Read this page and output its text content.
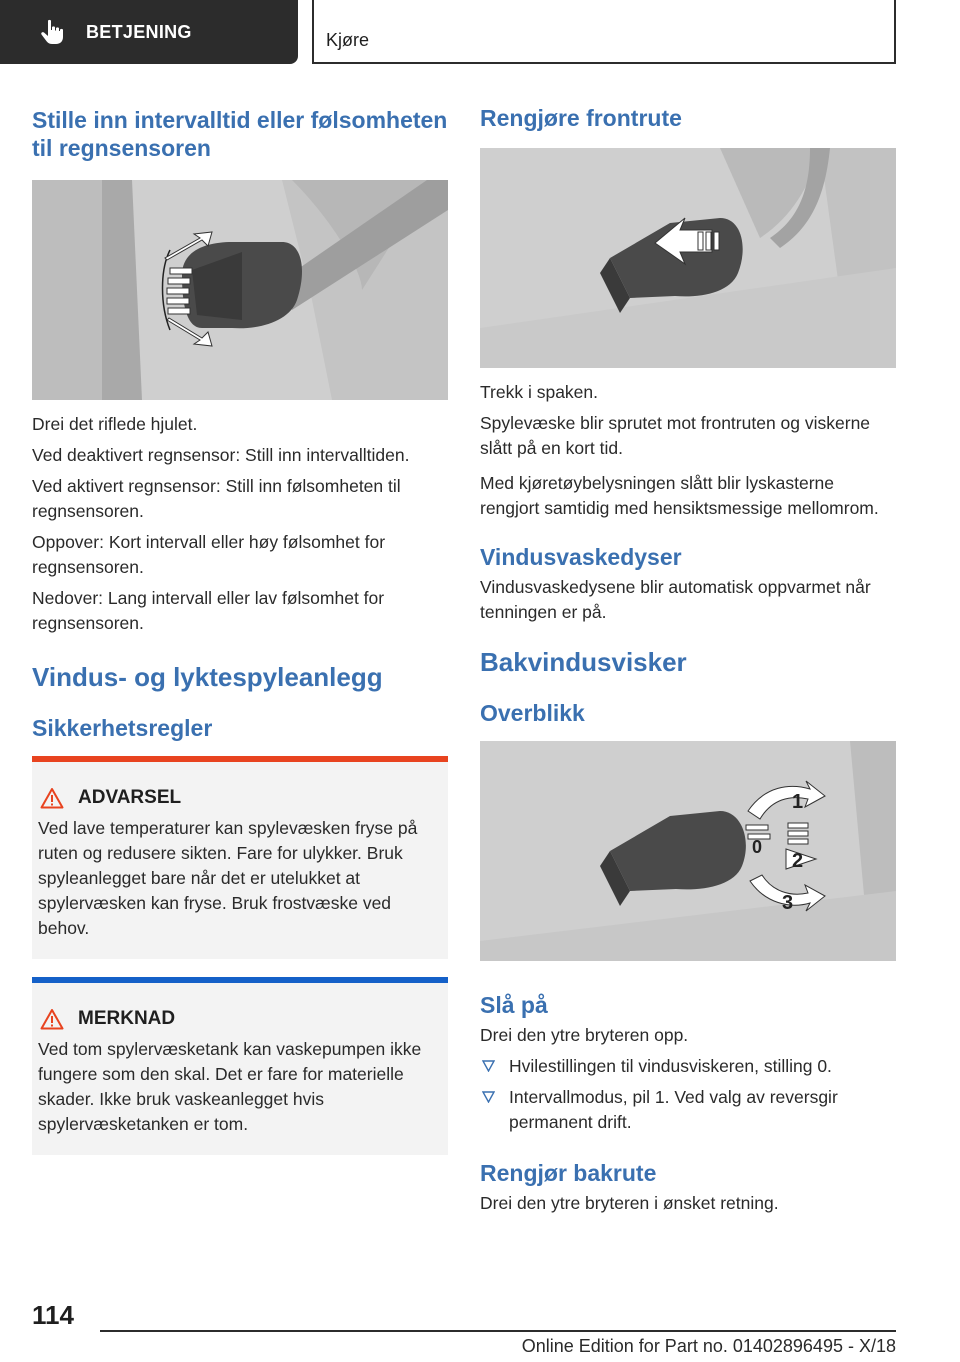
BETJENING	Kjøre
Stille inn intervalltid eller følsomheten til regnsensoren

Drei det riflede hjulet.

Ved deaktivert regnsensor: Still inn intervalltiden.

Ved aktivert regnsensor: Still inn følsomheten til regnsensoren.

Oppover: Kort intervall eller høy følsomhet for regnsensoren.

Nedover: Lang intervall eller lav følsomhet for regnsensoren.

Vindus- og lyktespyleanlegg
Sikkerhetsregler
ADVARSEL
Ved lave temperaturer kan spylevæsken fryse på ruten og redusere sikten. Fare for ulykker. Bruk spyleanlegget bare når det er utelukket at spylervæsken kan fryse. Bruk frostvæske ved behov.
MERKNAD
Ved tom spylervæsketank kan vaskepumpen ikke fungere som den skal. Det er fare for materielle skader. Ikke bruk vaskeanlegget hvis spylervæsketanken er tom.
Rengjøre frontrute

Trekk i spaken.

Spylevæske blir sprutet mot frontruten og viskerne slått på en kort tid.

Med kjøretøybelysningen slått blir lyskasterne rengjort samtidig med hensiktsmessige mellomrom.

Vindusvaskedyser

Vindusvaskedysene blir automatisk oppvarmet når tenningen er på.

Bakvindusvisker
Overblikk
1
0
2
3
Slå på

Drei den ytre bryteren opp.

Hvilestillingen til vindusviskeren, stilling 0.
Intervallmodus, pil 1. Ved valg av reversgir permanent drift.
Rengjør bakrute

Drei den ytre bryteren i ønsket retning.

114
Online Edition for Part no. 01402896495 - X/18
